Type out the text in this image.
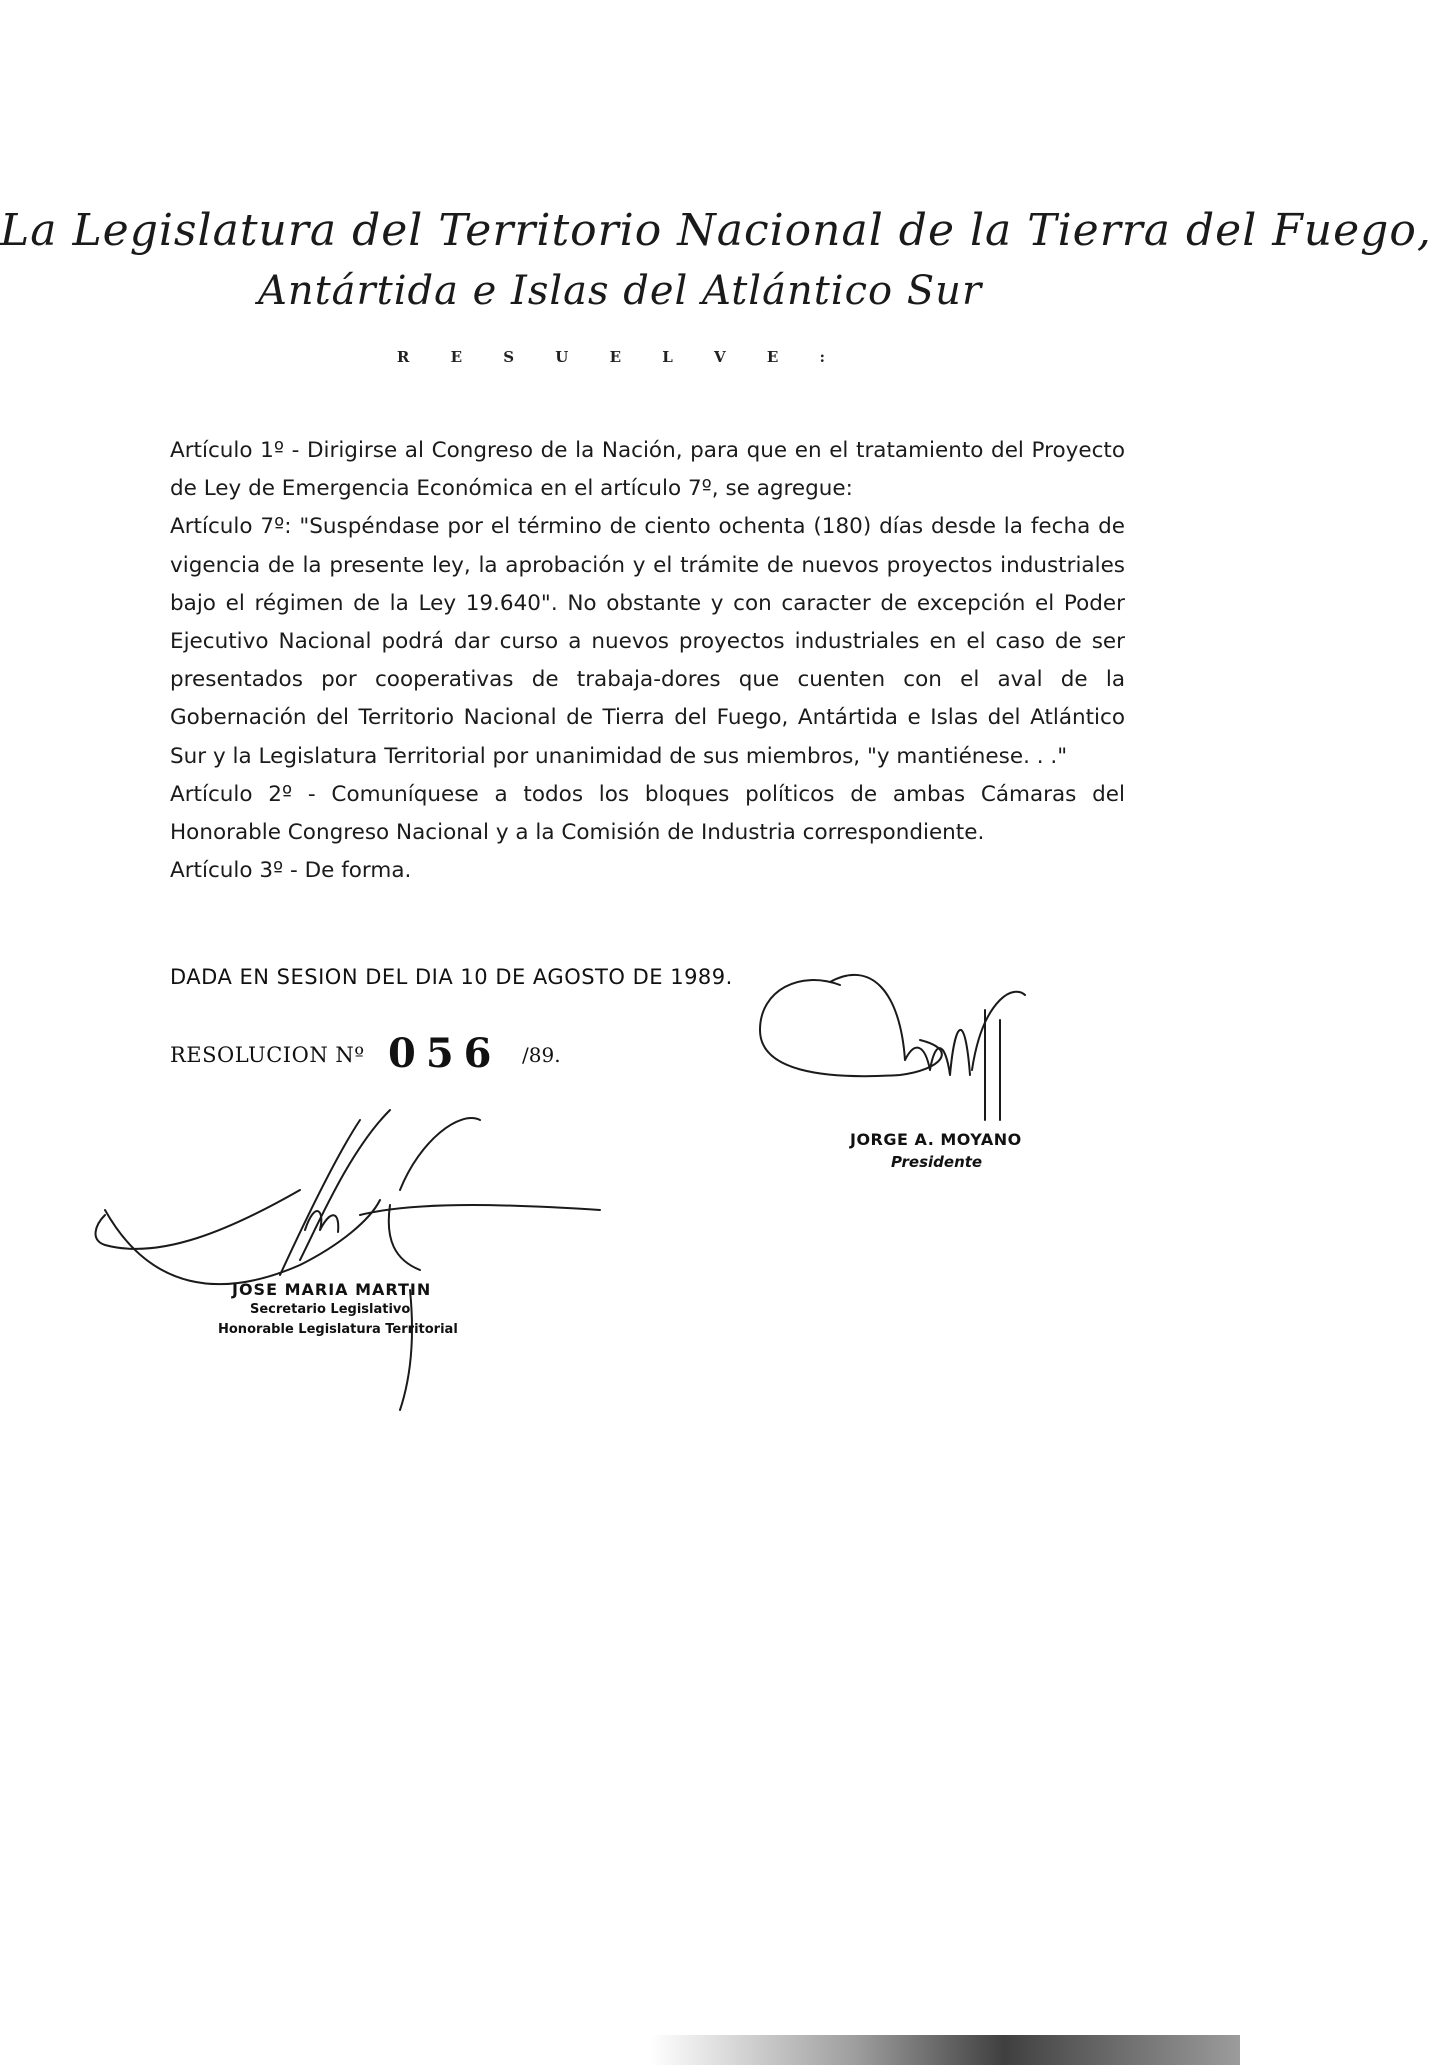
La Legislatura del Territorio Nacional de la Tierra del Fuego,
Antártida e Islas del Atlántico Sur
R E S U E L V E :

Artículo 1º - Dirigirse al Congreso de la Nación, para que en el tratamiento del Proyecto de Ley de Emergencia Económica en el artículo 7º, se agregue:

Artículo 7º: "Suspéndase por el término de ciento ochenta (180) días desde la fecha de vigencia de la presente ley, la aprobación y el trámite de nuevos proyectos industriales bajo el régimen de la Ley 19.640". No obstante y con caracter de excepción el Poder Ejecutivo Nacional podrá dar curso a nuevos proyectos industriales en el caso de ser presentados por cooperativas de trabaja-dores que cuenten con el aval de la Gobernación del Territorio Nacional de Tierra del Fuego, Antártida e Islas del Atlántico Sur y la Legislatura Territorial por unanimidad de sus miembros, "y mantiénese. . ."

Artículo 2º - Comuníquese a todos los bloques políticos de ambas Cámaras del Honorable Congreso Nacional y a la Comisión de Industria correspondiente.

Artículo 3º - De forma.

DADA EN SESION DEL DIA 10 DE AGOSTO DE 1989.
RESOLUCION Nº 056 /89.
JORGE A. MOYANO
Presidente
JOSE MARIA MARTIN
Secretario Legislativo
Honorable Legislatura Territorial
